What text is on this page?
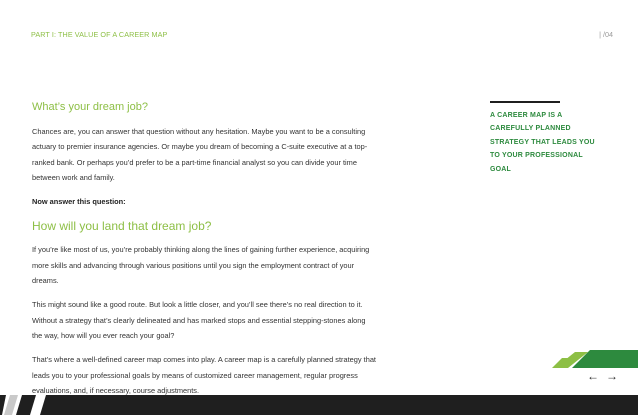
PART I: THE VALUE OF A CAREER MAP	| /04
What’s your dream job?

Chances are, you can answer that question without any hesitation. Maybe you want to be a consulting actuary to premier insurance agencies. Or maybe you dream of becoming a C-suite executive at a top-ranked bank. Or perhaps you’d prefer to be a part-time financial analyst so you can divide your time between work and family.

Now answer this question:

How will you land that dream job?

If you’re like most of us, you’re probably thinking along the lines of gaining further experience, acquiring more skills and advancing through various positions until you sign the employment contract of your dreams.

This might sound like a good route. But look a little closer, and you’ll see there’s no real direction to it. Without a strategy that’s clearly delineated and has marked stops and essential stepping-stones along the way, how will you ever reach your goal?

That’s where a well-defined career map comes into play. A career map is a carefully planned strategy that leads you to your professional goals by means of customized career management, regular progress evaluations, and, if necessary, course adjustments.

A CAREER MAP IS A CAREFULLY PLANNED STRATEGY THAT LEADS YOU TO YOUR PROFESSIONAL GOAL
← →
